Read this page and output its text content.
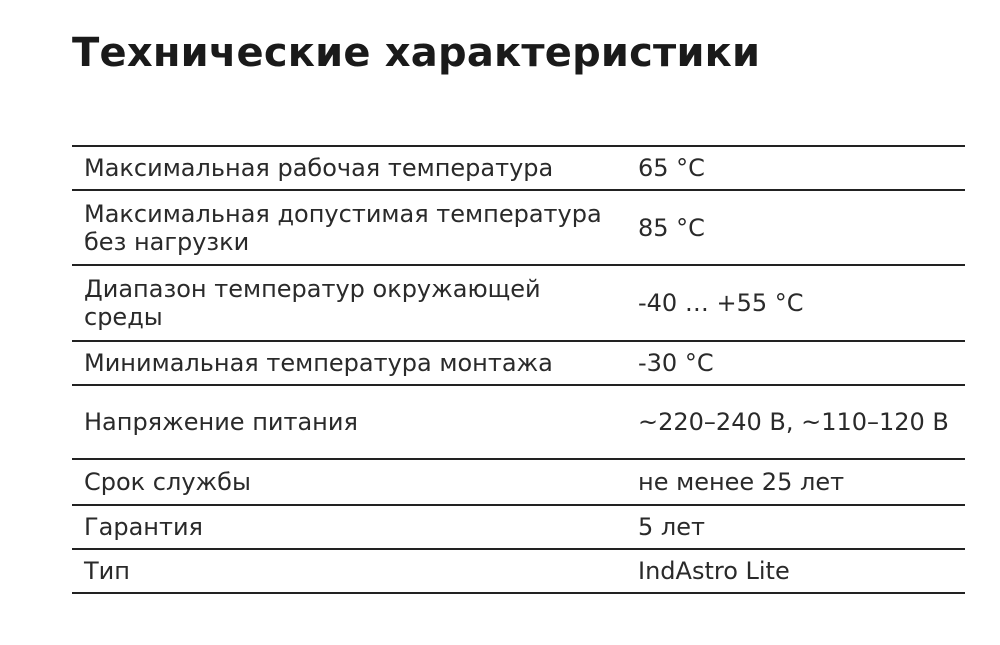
Технические характеристики
Максимальная рабочая температура	65 °C
Максимальная допустимая температура без нагрузки	85 °C
Диапазон температур окружающей среды	-40 … +55 °C
Минимальная температура монтажа	-30 °C
Напряжение питания	~220–240 В, ~110–120 В
Срок службы	не менее 25 лет
Гарантия	5 лет
Тип	IndAstro Lite
